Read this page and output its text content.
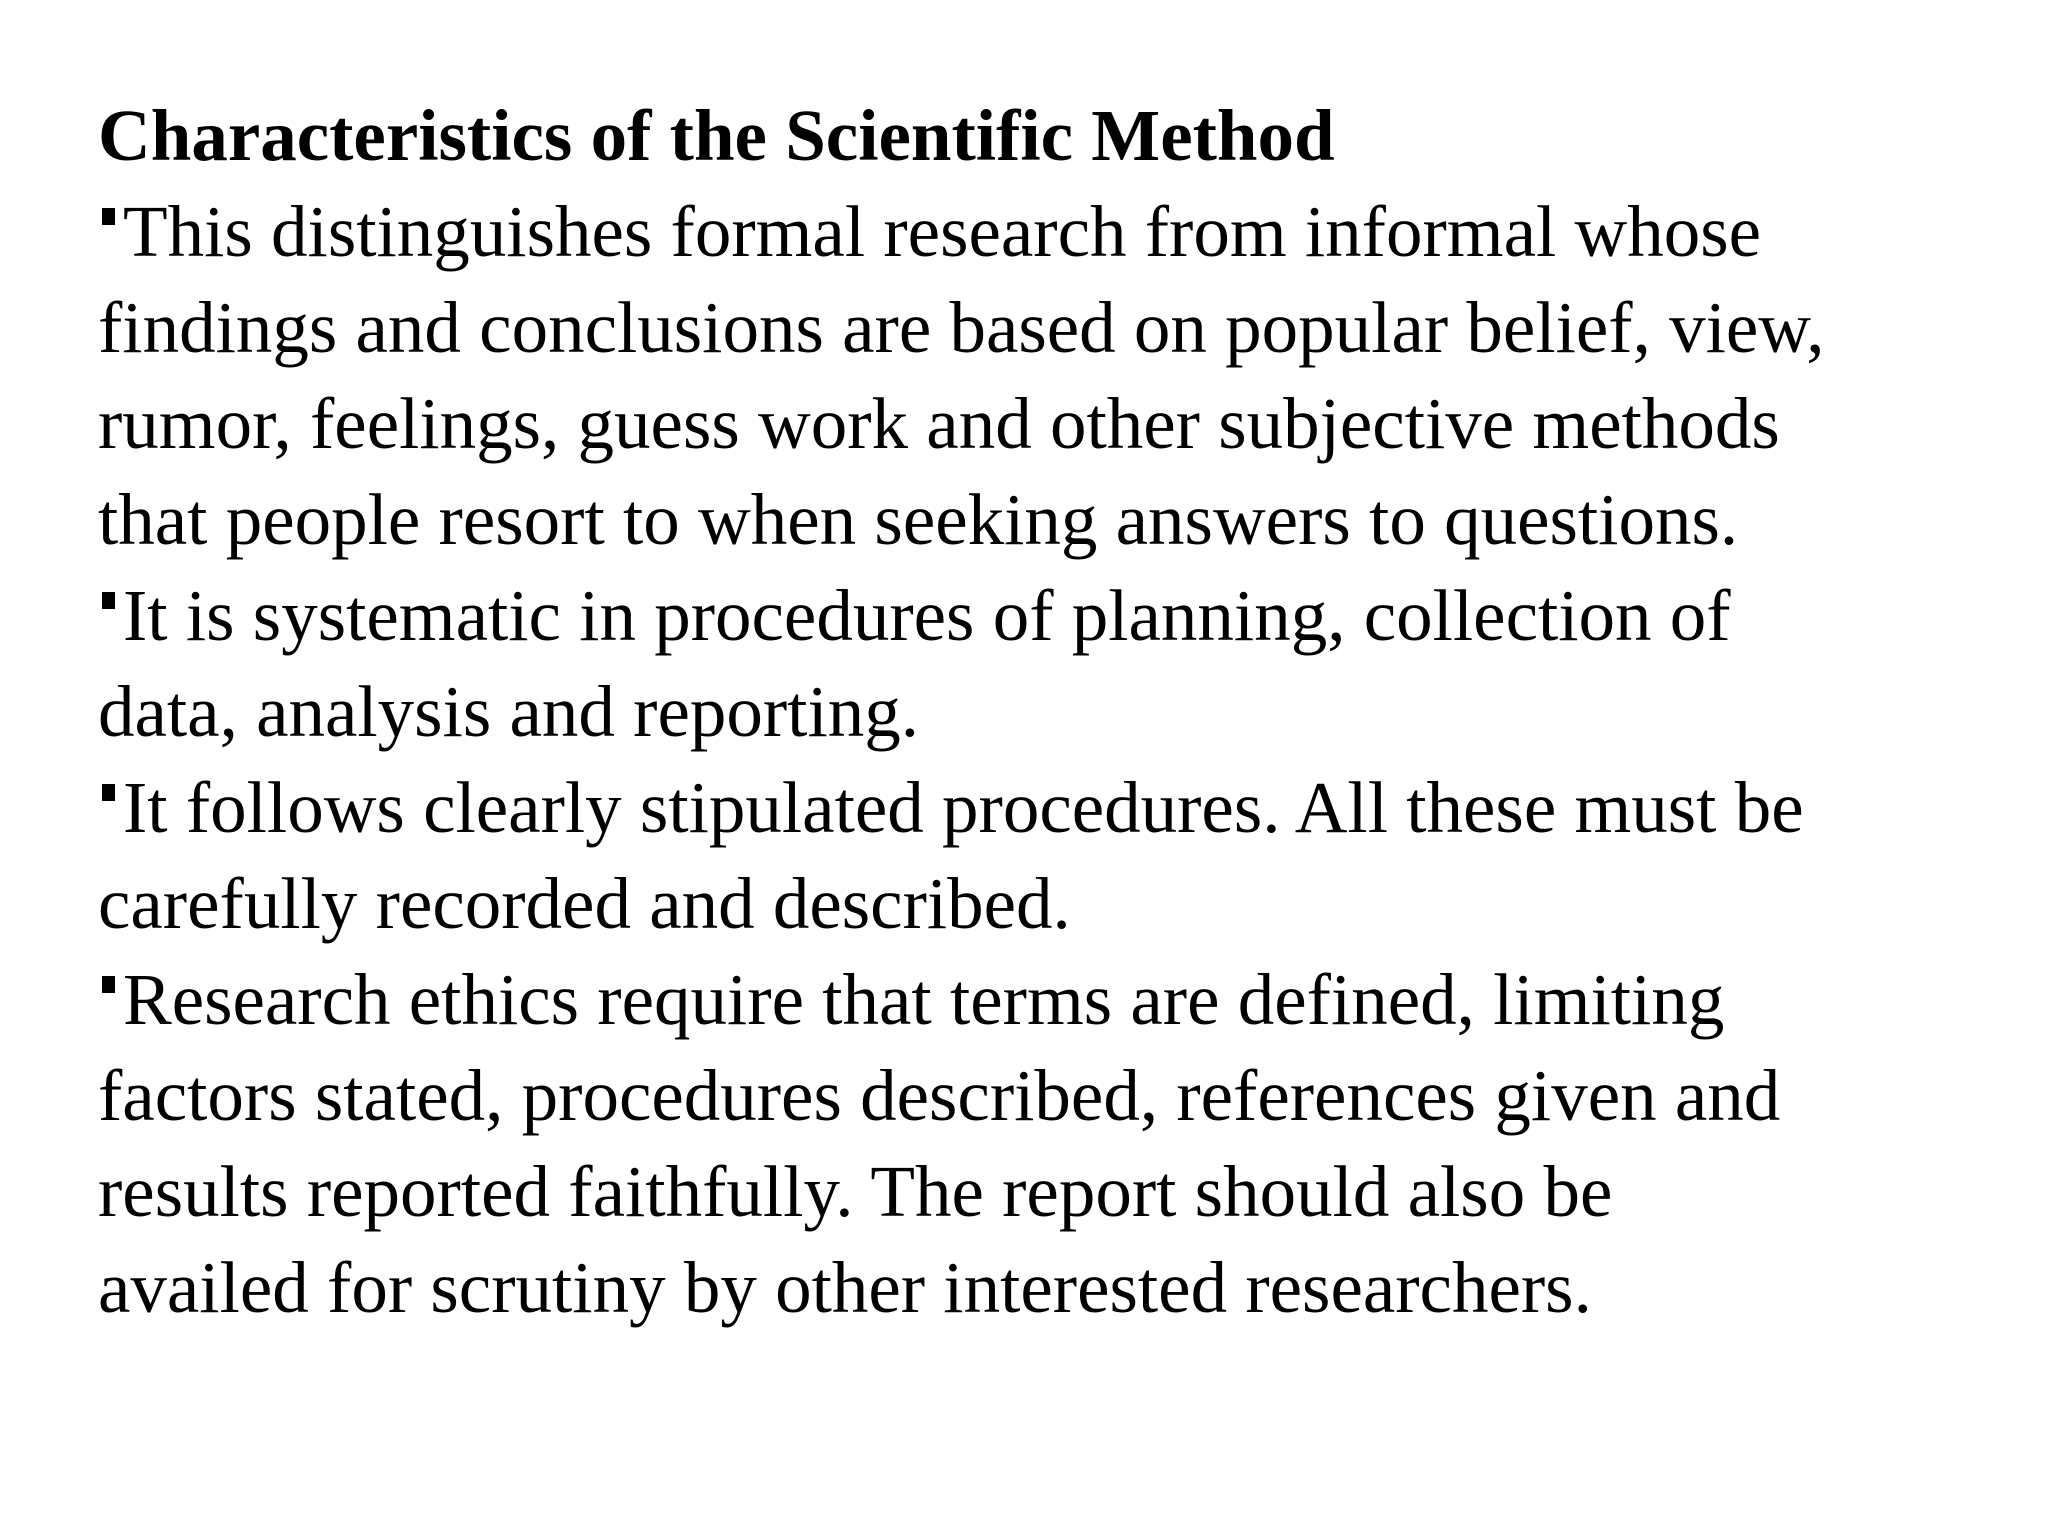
Characteristics of the Scientific Method
This distinguishes formal research from informal whose
findings and conclusions are based on popular belief, view,
rumor, feelings, guess work and other subjective methods
that people resort to when seeking answers to questions.
It is systematic in procedures of planning, collection of
data, analysis and reporting.
It follows clearly stipulated procedures. All these must be
carefully recorded and described.
Research ethics require that terms are defined, limiting
factors stated, procedures described, references given and
results reported faithfully. The report should also be
availed for scrutiny by other interested researchers.
